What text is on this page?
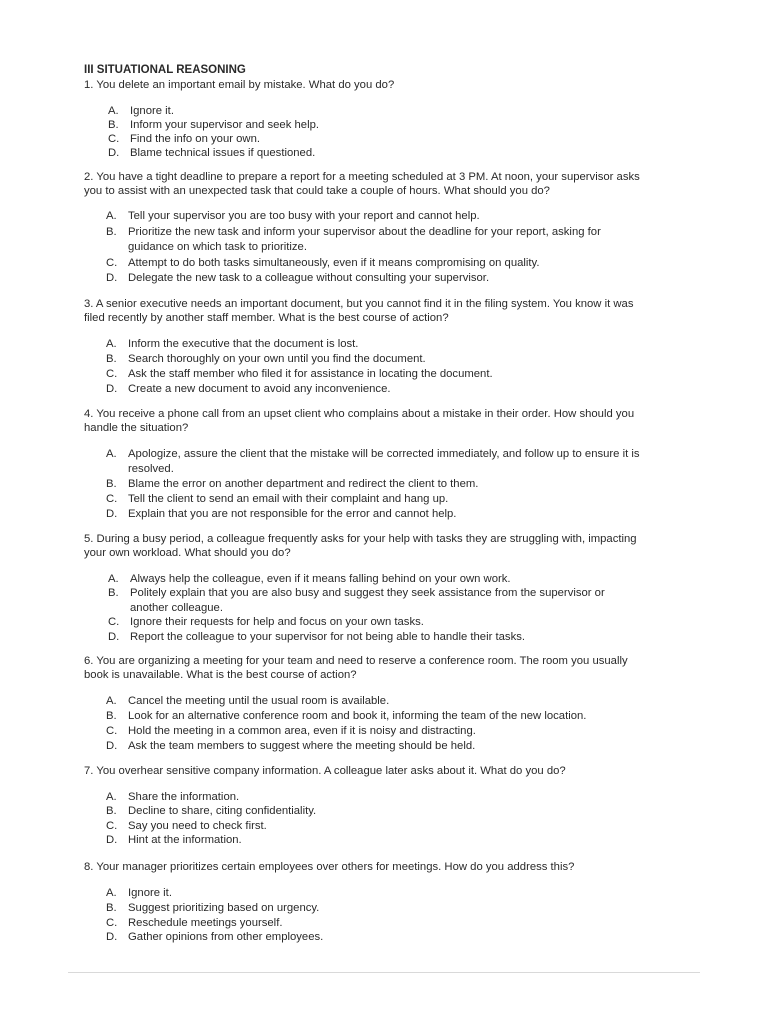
III SITUATIONAL REASONING
1. You delete an important email by mistake. What do you do?
A.	Ignore it.
B.	Inform your supervisor and seek help.
C. Find the info on your own.
D. Blame technical issues if questioned.
2. You have a tight deadline to prepare a report for a meeting scheduled at 3 PM. At noon, your supervisor asks you to assist with an unexpected task that could take a couple of hours. What should you do?
A.	Tell your supervisor you are too busy with your report and cannot help.
B.	Prioritize the new task and inform your supervisor about the deadline for your report, asking for guidance on which task to prioritize.
C. Attempt to do both tasks simultaneously, even if it means compromising on quality.
D. Delegate the new task to a colleague without consulting your supervisor.
3. A senior executive needs an important document, but you cannot find it in the filing system. You know it was filed recently by another staff member. What is the best course of action?
A.	Inform the executive that the document is lost.
B.	Search thoroughly on your own until you find the document.
C. Ask the staff member who filed it for assistance in locating the document.
D. Create a new document to avoid any inconvenience.
4. You receive a phone call from an upset client who complains about a mistake in their order. How should you handle the situation?
A.	Apologize, assure the client that the mistake will be corrected immediately, and follow up to ensure it is resolved.
B.	Blame the error on another department and redirect the client to them.
C. Tell the client to send an email with their complaint and hang up.
D. Explain that you are not responsible for the error and cannot help.
5. During a busy period, a colleague frequently asks for your help with tasks they are struggling with, impacting your own workload. What should you do?
A.	Always help the colleague, even if it means falling behind on your own work.
B.	Politely explain that you are also busy and suggest they seek assistance from the supervisor or another colleague.
C. Ignore their requests for help and focus on your own tasks.
D. Report the colleague to your supervisor for not being able to handle their tasks.
6. You are organizing a meeting for your team and need to reserve a conference room. The room you usually book is unavailable. What is the best course of action?
A.	Cancel the meeting until the usual room is available.
B.	Look for an alternative conference room and book it, informing the team of the new location.
C. Hold the meeting in a common area, even if it is noisy and distracting.
D. Ask the team members to suggest where the meeting should be held.
7. You overhear sensitive company information. A colleague later asks about it. What do you do?
A.	Share the information.
B.	Decline to share, citing confidentiality.
C. Say you need to check first.
D. Hint at the information.
8. Your manager prioritizes certain employees over others for meetings. How do you address this?
A.	Ignore it.
B.	Suggest prioritizing based on urgency.
C. Reschedule meetings yourself.
D. Gather opinions from other employees.
